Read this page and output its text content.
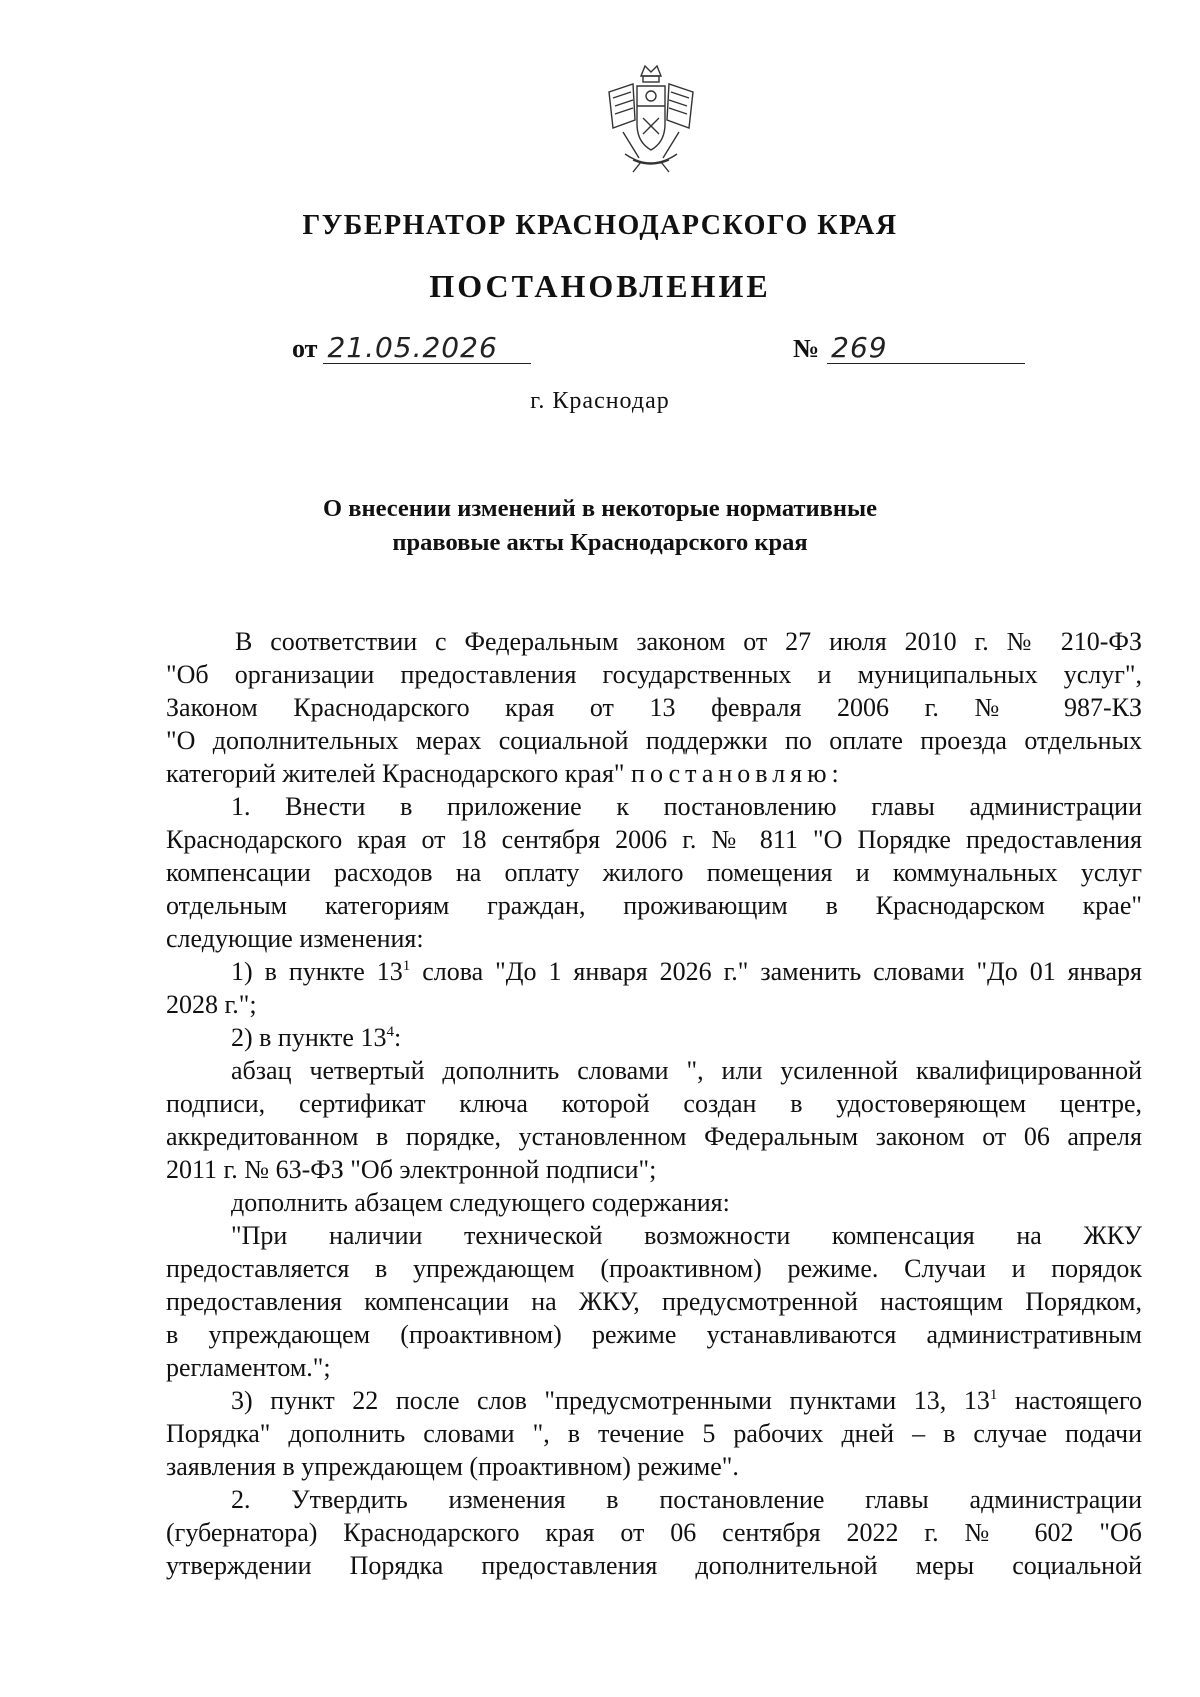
ГУБЕРНАТОР КРАСНОДАРСКОГО КРАЯ
ПОСТАНОВЛЕНИЕ
от 21.05.2026	№ 269
г. Краснодар
О внесении изменений в некоторые нормативные
правовые акты Краснодарского края
В соответствии с Федеральным законом от 27 июля 2010 г. № 210-ФЗ
"Об организации предоставления государственных и муниципальных услуг",
Законом Краснодарского края от 13 февраля 2006 г. № 987-КЗ
"О дополнительных мерах социальной поддержки по оплате проезда отдельных
категорий жителей Краснодарского края" постановляю:
1. Внести в приложение к постановлению главы администрации
Краснодарского края от 18 сентября 2006 г. № 811 "О Порядке предоставления
компенсации расходов на оплату жилого помещения и коммунальных услуг
отдельным категориям граждан, проживающим в Краснодарском крае"
следующие изменения:
1) в пункте $13^1$ слова "До 1 января 2026 г." заменить словами "До 01 января
2028 г.";
2) в пункте $13^4$:
абзац четвертый дополнить словами ", или усиленной квалифицированной
подписи, сертификат ключа которой создан в удостоверяющем центре,
аккредитованном в порядке, установленном Федеральным законом от 06 апреля
2011 г. № 63-ФЗ "Об электронной подписи";
дополнить абзацем следующего содержания:
"При наличии технической возможности компенсация на ЖКУ
предоставляется в упреждающем (проактивном) режиме. Случаи и порядок
предоставления компенсации на ЖКУ, предусмотренной настоящим Порядком,
в упреждающем (проактивном) режиме устанавливаются административным
регламентом.";
3) пункт 22 после слов "предусмотренными пунктами 13, $13^1$ настоящего
Порядка" дополнить словами ", в течение 5 рабочих дней – в случае подачи
заявления в упреждающем (проактивном) режиме".
2. Утвердить изменения в постановление главы администрации
(губернатора) Краснодарского края от 06 сентября 2022 г. № 602 "Об
утверждении Порядка предоставления дополнительной меры социальной
